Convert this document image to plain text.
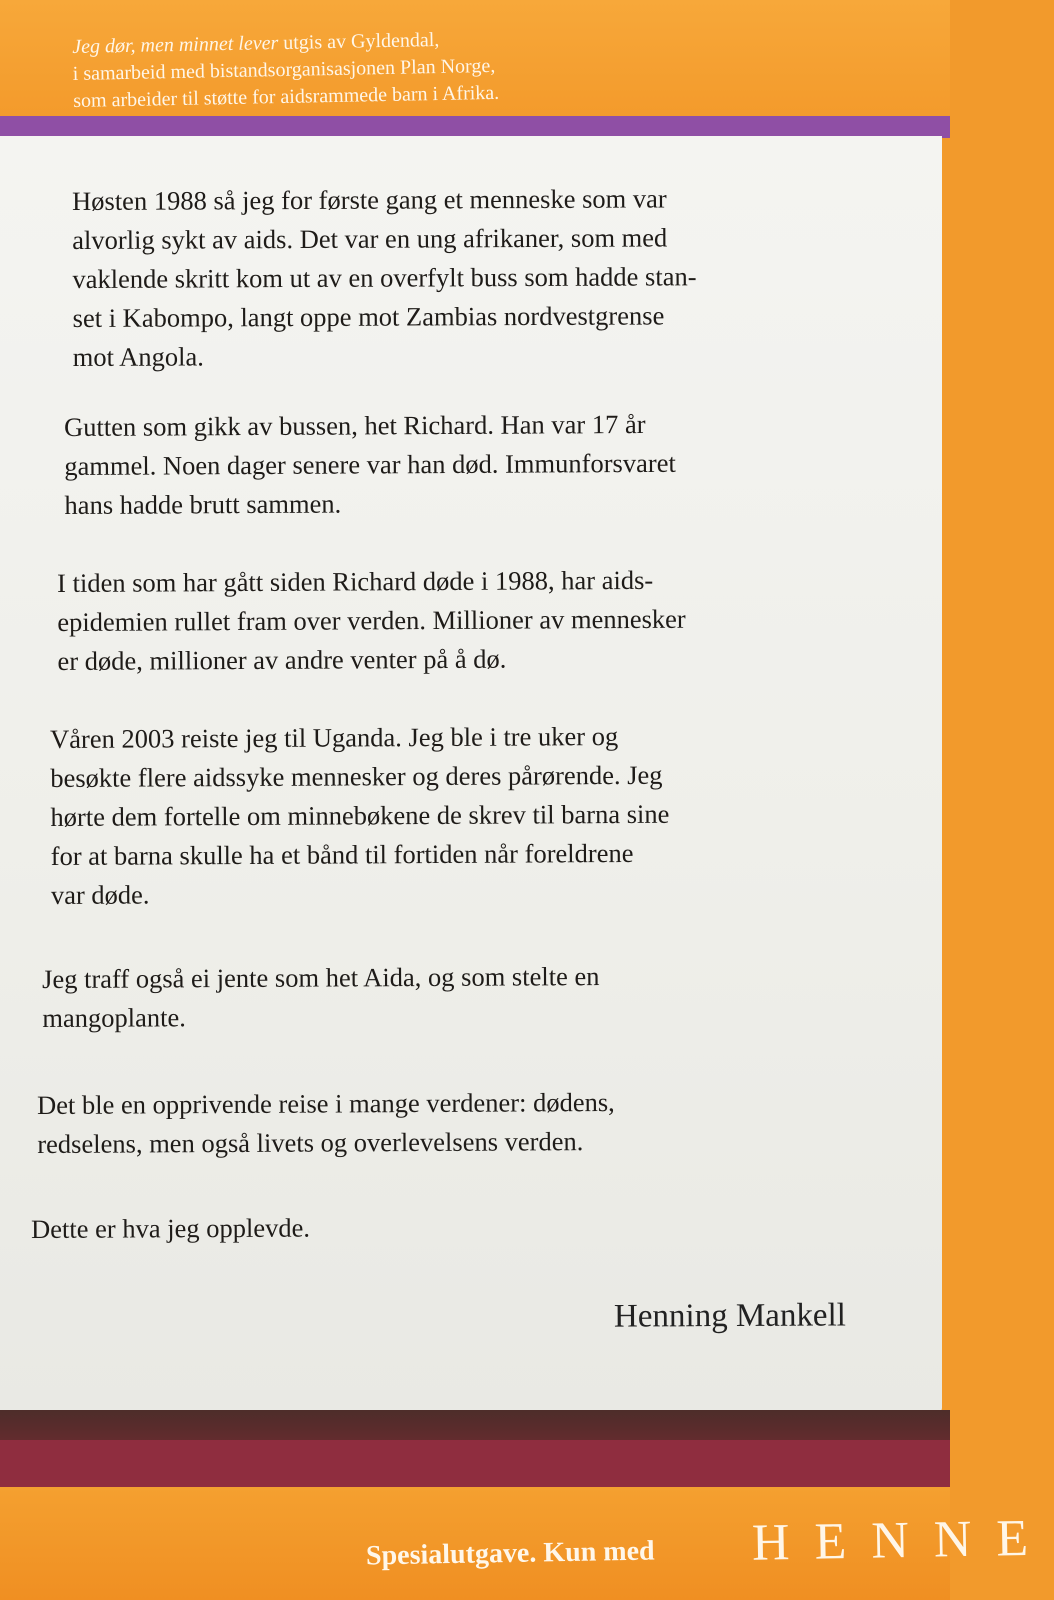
Jeg dør, men minnet lever utgis av Gyldendal,
i samarbeid med bistandsorganisasjonen Plan Norge,
som arbeider til støtte for aidsrammede barn i Afrika.

Høsten 1988 så jeg for første gang et menneske som var
alvorlig sykt av aids. Det var en ung afrikaner, som med
vaklende skritt kom ut av en overfylt buss som hadde stan-
set i Kabompo, langt oppe mot Zambias nordvestgrense
mot Angola.

Gutten som gikk av bussen, het Richard. Han var 17 år
gammel. Noen dager senere var han død. Immunforsvaret
hans hadde brutt sammen.

I tiden som har gått siden Richard døde i 1988, har aids-
epidemien rullet fram over verden. Millioner av mennesker
er døde, millioner av andre venter på å dø.

Våren 2003 reiste jeg til Uganda. Jeg ble i tre uker og
besøkte flere aidssyke mennesker og deres pårørende. Jeg
hørte dem fortelle om minnebøkene de skrev til barna sine
for at barna skulle ha et bånd til fortiden når foreldrene
var døde.

Jeg traff også ei jente som het Aida, og som stelte en
mangoplante.

Det ble en opprivende reise i mange verdener: dødens,
redselens, men også livets og overlevelsens verden.

Dette er hva jeg opplevde.

Henning Mankell
Spesialutgave. Kun med HENNE
